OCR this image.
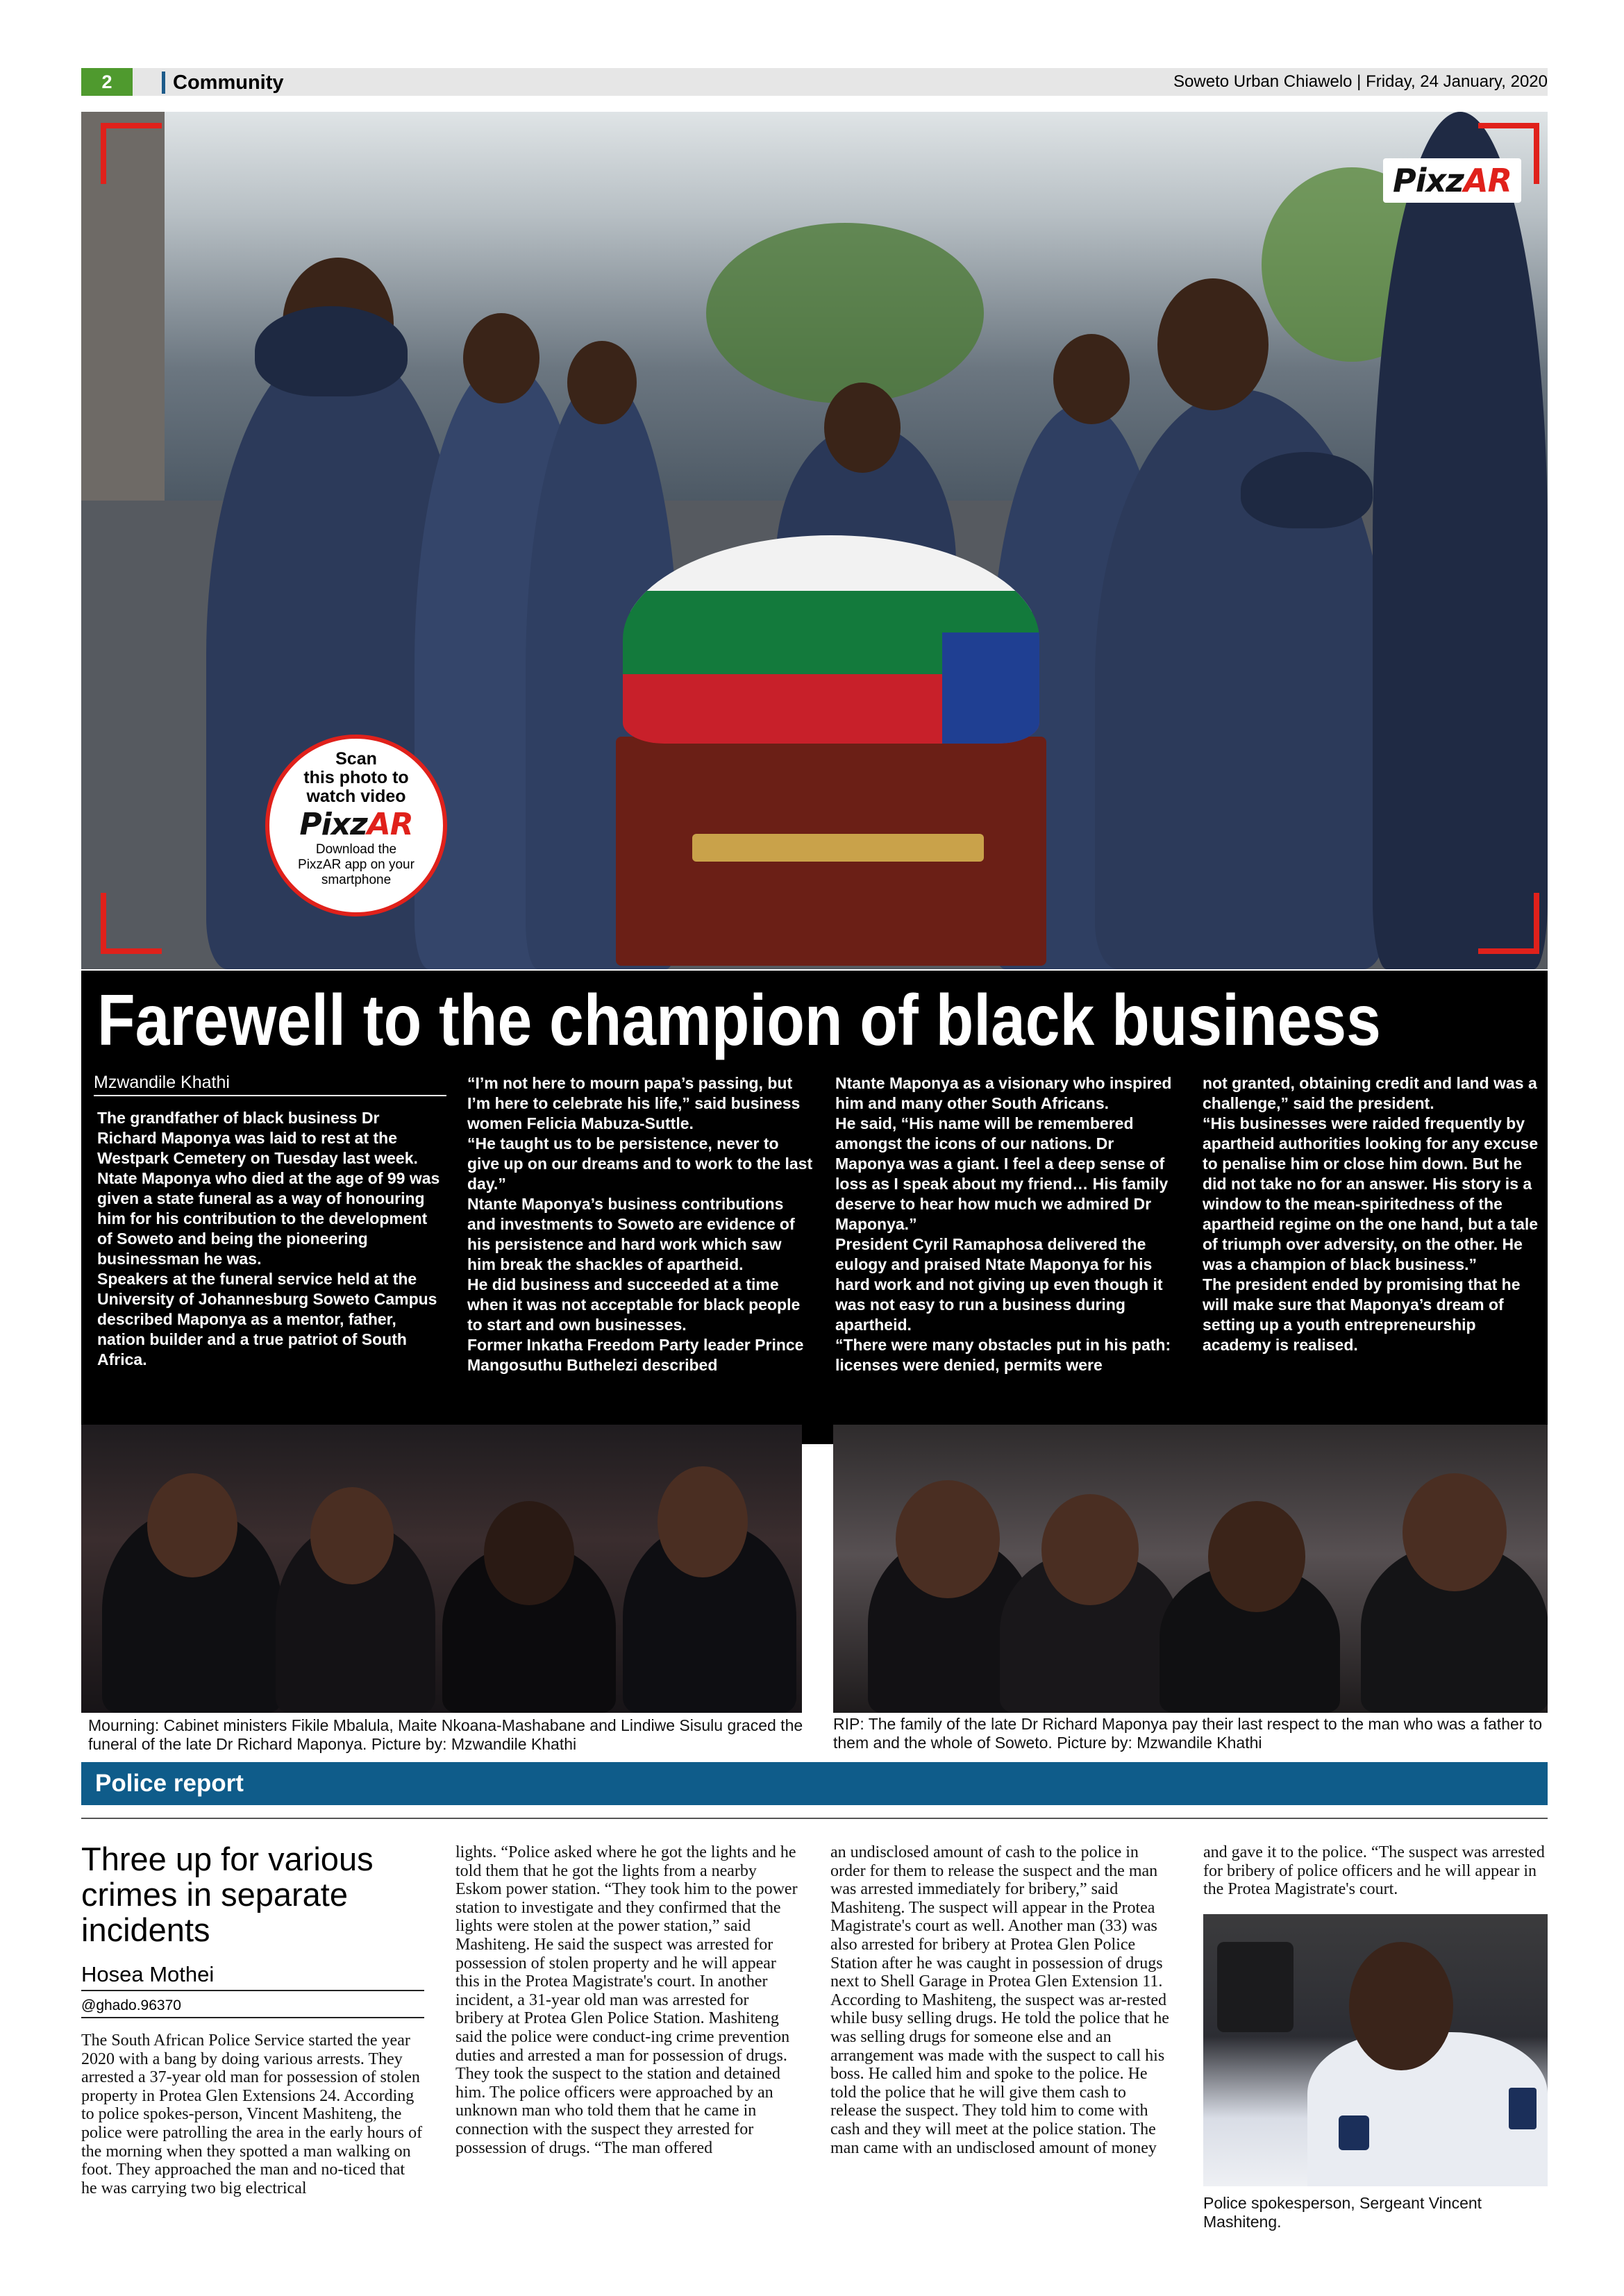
2	Community	Soweto Urban Chiawelo | Friday, 24 January, 2020
PixzAR
Scan
this photo to
watch video
PixzAR
Download the
PixzAR app on your
smartphone
Farewell to the champion of black business
Mzwandile Khathi
The grandfather of black business Dr Richard Maponya was laid to rest at the Westpark Cemetery on Tuesday last week.
Ntate Maponya who died at the age of 99 was given a state funeral as a way of honouring him for his contribution to the development of Soweto and being the pioneering businessman he was.
Speakers at the funeral service held at the University of Johannesburg Soweto Campus described Maponya as a mentor, father, nation builder and a true patriot of South Africa.
“I’m not here to mourn papa’s passing, but I’m here to celebrate his life,” said business women Felicia Mabuza-Suttle.
“He taught us to be persistence, never to give up on our dreams and to work to the last day.”
Ntante Maponya’s business contributions and investments to Soweto are evidence of his persistence and hard work which saw him break the shackles of apartheid.
He did business and succeeded at a time when it was not acceptable for black people to start and own businesses.
Former Inkatha Freedom Party leader Prince Mangosuthu Buthelezi described
Ntante Maponya as a visionary who inspired him and many other South Africans.
He said, “His name will be remembered amongst the icons of our nations. Dr Maponya was a giant. I feel a deep sense of loss as I speak about my friend… His family deserve to hear how much we admired Dr Maponya.”
President Cyril Ramaphosa delivered the eulogy and praised Ntate Maponya for his hard work and not giving up even though it was not easy to run a business during apartheid.
“There were many obstacles put in his path: licenses were denied, permits were
not granted, obtaining credit and land was a challenge,” said the president.
“His businesses were raided frequently by apartheid authorities looking for any excuse to penalise him or close him down. But he did not take no for an answer. His story is a window to the mean-spiritedness of the apartheid regime on the one hand, but a tale of triumph over adversity, on the other. He was a champion of black business.”
The president ended by promising that he will make sure that Maponya’s dream of setting up a youth entrepreneurship academy is realised.
Mourning: Cabinet ministers Fikile Mbalula, Maite Nkoana-Mashabane and Lindiwe Sisulu graced the funeral of the late Dr Richard Maponya. Picture by: Mzwandile Khathi
RIP: The family of the late Dr Richard Maponya pay their last respect to the man who was a father to them and the whole of Soweto. Picture by: Mzwandile Khathi
Police report
Three up for various crimes in separate incidents
Hosea Mothei
@ghado.96370
The South African Police Service started the year 2020 with a bang by doing various arrests. They arrested a 37-year old man for possession of stolen property in Protea Glen Extensions 24. According to police spokes-person, Vincent Mashiteng, the police were patrolling the area in the early hours of the morning when they spotted a man walking on foot. They approached the man and no-ticed that he was carrying two big electrical
lights. “Police asked where he got the lights and he told them that he got the lights from a nearby Eskom power station. “They took him to the power station to investigate and they confirmed that the lights were stolen at the power station,” said Mashiteng. He said the suspect was arrested for possession of stolen property and he will appear this in the Protea Magistrate's court. In another incident, a 31-year old man was arrested for bribery at Protea Glen Police Station. Mashiteng said the police were conduct-ing crime prevention duties and arrested a man for possession of drugs. They took the suspect to the station and detained him. The police officers were approached by an unknown man who told them that he came in connection with the suspect they arrested for possession of drugs. “The man offered
an undisclosed amount of cash to the police in order for them to release the suspect and the man was arrested immediately for bribery,” said Mashiteng. The suspect will appear in the Protea Magistrate's court as well. Another man (33) was also arrested for bribery at Protea Glen Police Station after he was caught in possession of drugs next to Shell Garage in Protea Glen Extension 11. According to Mashiteng, the suspect was ar-rested while busy selling drugs. He told the police that he was selling drugs for someone else and an arrangement was made with the suspect to call his boss. He called him and spoke to the police. He told the police that he will give them cash to release the suspect. They told him to come with cash and they will meet at the police station. The man came with an undisclosed amount of money
and gave it to the police. “The suspect was arrested for bribery of police officers and he will appear in the Protea Magistrate's court.
Police spokesperson, Sergeant Vincent Mashiteng.
